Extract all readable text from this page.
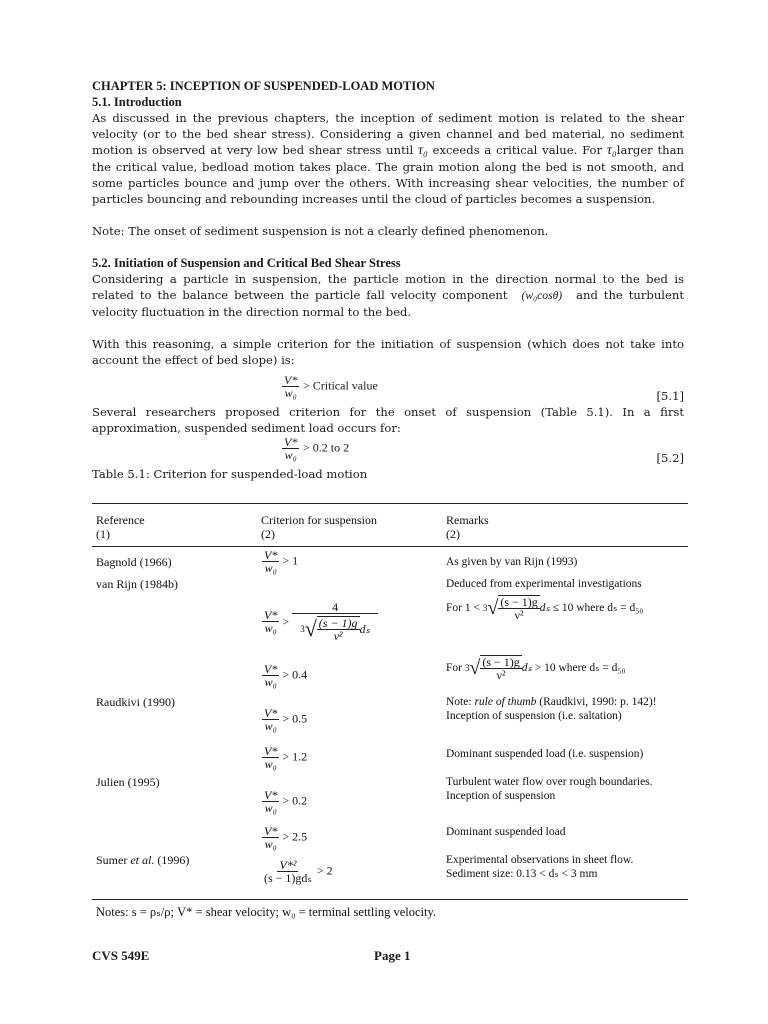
CHAPTER 5: INCEPTION OF SUSPENDED-LOAD MOTION
5.1. Introduction
As discussed in the previous chapters, the inception of sediment motion is related to the shear velocity (or to the bed shear stress). Considering a given channel and bed material, no sediment motion is observed at very low bed shear stress until τ₀ exceeds a critical value. For τ₀larger than the critical value, bedload motion takes place. The grain motion along the bed is not smooth, and some particles bounce and jump over the others. With increasing shear velocities, the number of particles bouncing and rebounding increases until the cloud of particles becomes a suspension.
Note: The onset of sediment suspension is not a clearly defined phenomenon.
5.2. Initiation of Suspension and Critical Bed Shear Stress
Considering a particle in suspension, the particle motion in the direction normal to the bed is related to the balance between the particle fall velocity component (w₀cosθ) and the turbulent velocity fluctuation in the direction normal to the bed.
With this reasoning, a simple criterion for the initiation of suspension (which does not take into account the effect of bed slope) is:
$\frac{V*}{\text{w₀}}$ > Critical value
[5.1]
Several researchers proposed criterion for the onset of suspension (Table 5.1). In a first approximation, suspended sediment load occurs for:
$\frac{V*}{\text{w₀}} > 0.2$ to 2
[5.2]
Table 5.1: Criterion for suspended-load motion
Reference
(1)
Criterion for suspension
(2)
Remarks
(2)
Bagnold (1966)
van Rijn (1984b)
Raudkivi (1990)
Julien (1995)
Sumer et al. (1996)
$\frac{V*}{\text{w₀}} > 1$
$\frac{V*}{\text{w₀}} > \frac{4}{3 √ \frac{(s - 1)g}{\text{ν²}} d_s}$
$\frac{V*}{\text{w₀}} > 0.4$
$\frac{V*}{\text{w₀}} > 0.5$
$\frac{V*}{\text{w₀}} > 1.2$
$\frac{V*}{\text{w₀}} > 0.2$
$\frac{V*}{\text{w₀}} > 2.5$
$\frac{\text{V*²}}{\text{(s − 1)gdₛ}} > 2$
As given by van Rijn (1993)
Deduced from experimental investigations
For 1 <
3 √ $\frac{(s - 1)g}{\text{ν²}}$ dₛ
≤ 10 where dₛ = d₅₀
For
3 √ $\frac{(s - 1)g}{\text{ν²}}$ dₛ
> 10 where dₛ = d₅₀
Note: rule of thumb (Raudkivi, 1990: p. 142)!
Inception of suspension (i.e. saltation)
Dominant suspended load (i.e. suspension)
Turbulent water flow over rough boundaries.
Inception of suspension
Dominant suspended load
Experimental observations in sheet flow.
Sediment size: 0.13 < dₛ < 3 mm
Notes: s = ρₛ/ρ; V* = shear velocity; w₀ = terminal settling velocity.
CVS 549E	Page 1
